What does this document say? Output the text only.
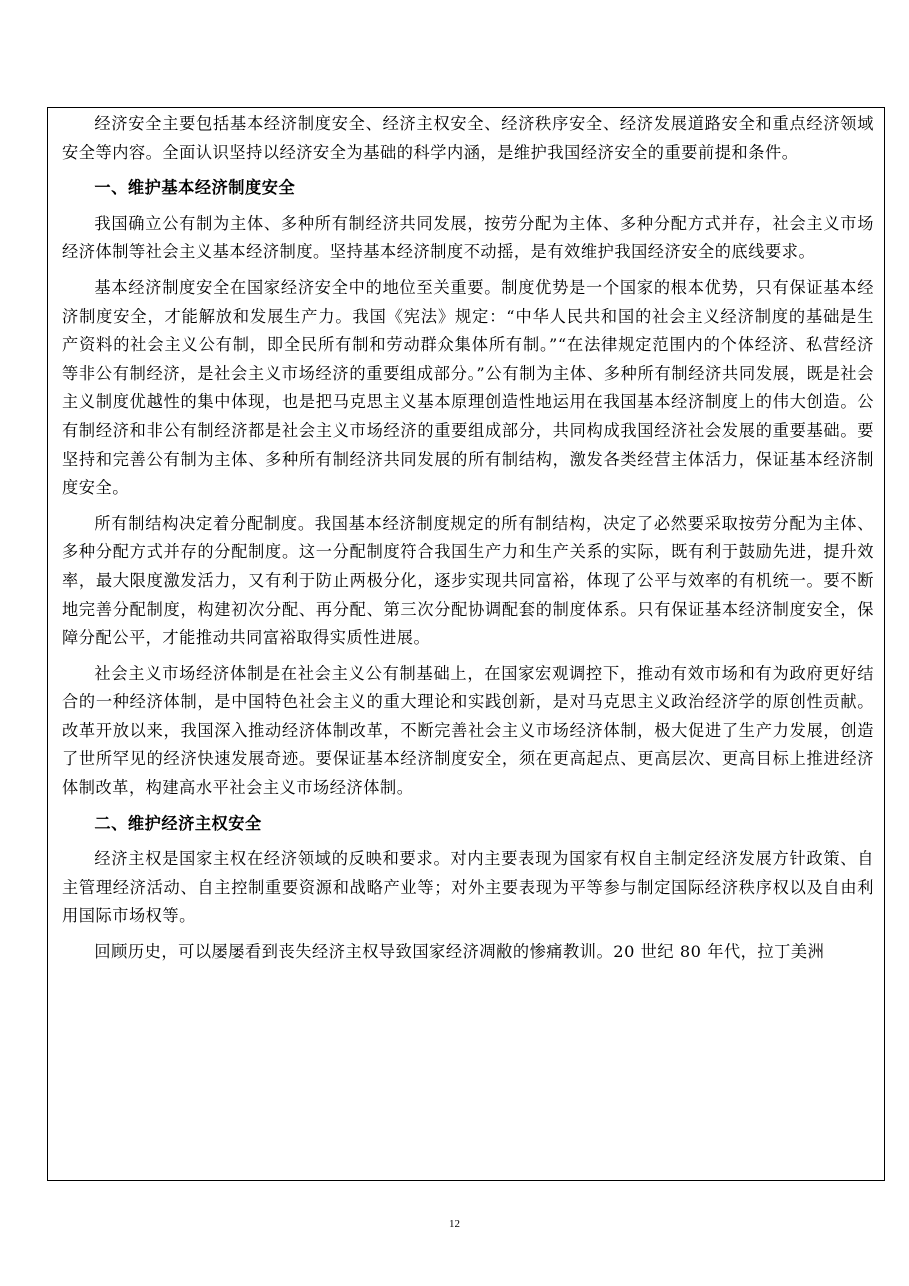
经济安全主要包括基本经济制度安全、经济主权安全、经济秩序安全、经济发展道路安全和重点经济领域安全等内容。全面认识坚持以经济安全为基础的科学内涵，是维护我国经济安全的重要前提和条件。

一、维护基本经济制度安全

我国确立公有制为主体、多种所有制经济共同发展，按劳分配为主体、多种分配方式并存，社会主义市场经济体制等社会主义基本经济制度。坚持基本经济制度不动摇，是有效维护我国经济安全的底线要求。

基本经济制度安全在国家经济安全中的地位至关重要。制度优势是一个国家的根本优势，只有保证基本经济制度安全，才能解放和发展生产力。我国《宪法》规定：“中华人民共和国的社会主义经济制度的基础是生产资料的社会主义公有制，即全民所有制和劳动群众集体所有制。”“在法律规定范围内的个体经济、私营经济等非公有制经济，是社会主义市场经济的重要组成部分。”公有制为主体、多种所有制经济共同发展，既是社会主义制度优越性的集中体现，也是把马克思主义基本原理创造性地运用在我国基本经济制度上的伟大创造。公有制经济和非公有制经济都是社会主义市场经济的重要组成部分，共同构成我国经济社会发展的重要基础。要坚持和完善公有制为主体、多种所有制经济共同发展的所有制结构，激发各类经营主体活力，保证基本经济制度安全。

所有制结构决定着分配制度。我国基本经济制度规定的所有制结构，决定了必然要采取按劳分配为主体、多种分配方式并存的分配制度。这一分配制度符合我国生产力和生产关系的实际，既有利于鼓励先进，提升效率，最大限度激发活力，又有利于防止两极分化，逐步实现共同富裕，体现了公平与效率的有机统一。要不断地完善分配制度，构建初次分配、再分配、第三次分配协调配套的制度体系。只有保证基本经济制度安全，保障分配公平，才能推动共同富裕取得实质性进展。

社会主义市场经济体制是在社会主义公有制基础上，在国家宏观调控下，推动有效市场和有为政府更好结合的一种经济体制，是中国特色社会主义的重大理论和实践创新，是对马克思主义政治经济学的原创性贡献。改革开放以来，我国深入推动经济体制改革，不断完善社会主义市场经济体制，极大促进了生产力发展，创造了世所罕见的经济快速发展奇迹。要保证基本经济制度安全，须在更高起点、更高层次、更高目标上推进经济体制改革，构建高水平社会主义市场经济体制。

二、维护经济主权安全

经济主权是国家主权在经济领域的反映和要求。对内主要表现为国家有权自主制定经济发展方针政策、自主管理经济活动、自主控制重要资源和战略产业等；对外主要表现为平等参与制定国际经济秩序权以及自由利用国际市场权等。

回顾历史，可以屡屡看到丧失经济主权导致国家经济凋敝的惨痛教训。20 世纪 80 年代，拉丁美洲

12
